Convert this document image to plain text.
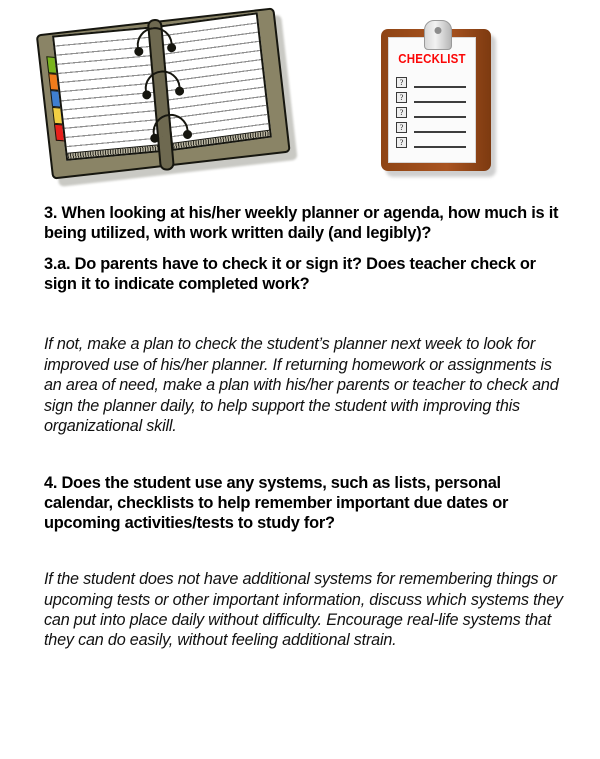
CHECKLIST
?
?
?
?
?

3. When looking at his/her weekly planner or agenda, how much is it being utilized, with work written daily (and legibly)?

3.a. Do parents have to check it or sign it? Does teacher check or sign it to indicate completed work?

If not, make a plan to check the student’s planner next week to look for improved use of his/her planner. If returning homework or assignments is an area of need, make a plan with his/her parents or teacher to check and sign the planner daily, to help support the student with improving this organizational skill.

4. Does the student use any systems, such as lists, personal calendar, checklists to help remember important due dates or upcoming activities/tests to study for?

If the student does not have additional systems for remembering things or upcoming tests or other important information, discuss which systems they can put into place daily without difficulty. Encourage real-life systems that they can do easily, without feeling additional strain.
